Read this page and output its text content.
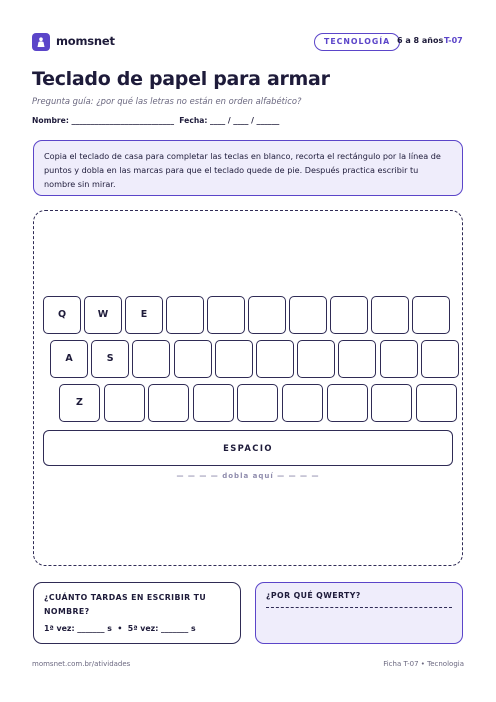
momsnet	TECNOLOGÍA 6 a 8 años T-07
Teclado de papel para armar
Pregunta guía: ¿por qué las letras no están en orden alfabético?
Nombre: ___________________________  Fecha: ____ / ____ / ______
Copia el teclado de casa para completar las teclas en blanco, recorta el rectángulo por la línea de puntos y dobla en las marcas para que el teclado quede de pie. Después practica escribir tu nombre sin mirar.
Q	W	E
A	S
Z
ESPACIO
— — — — dobla aquí — — — —
¿CUÁNTO TARDAS EN ESCRIBIR TU NOMBRE?
1ª vez: _______ s  •  5ª vez: _______ s
¿POR QUÉ QWERTY?
momsnet.com.br/atividades	Ficha T-07 • Tecnologia
